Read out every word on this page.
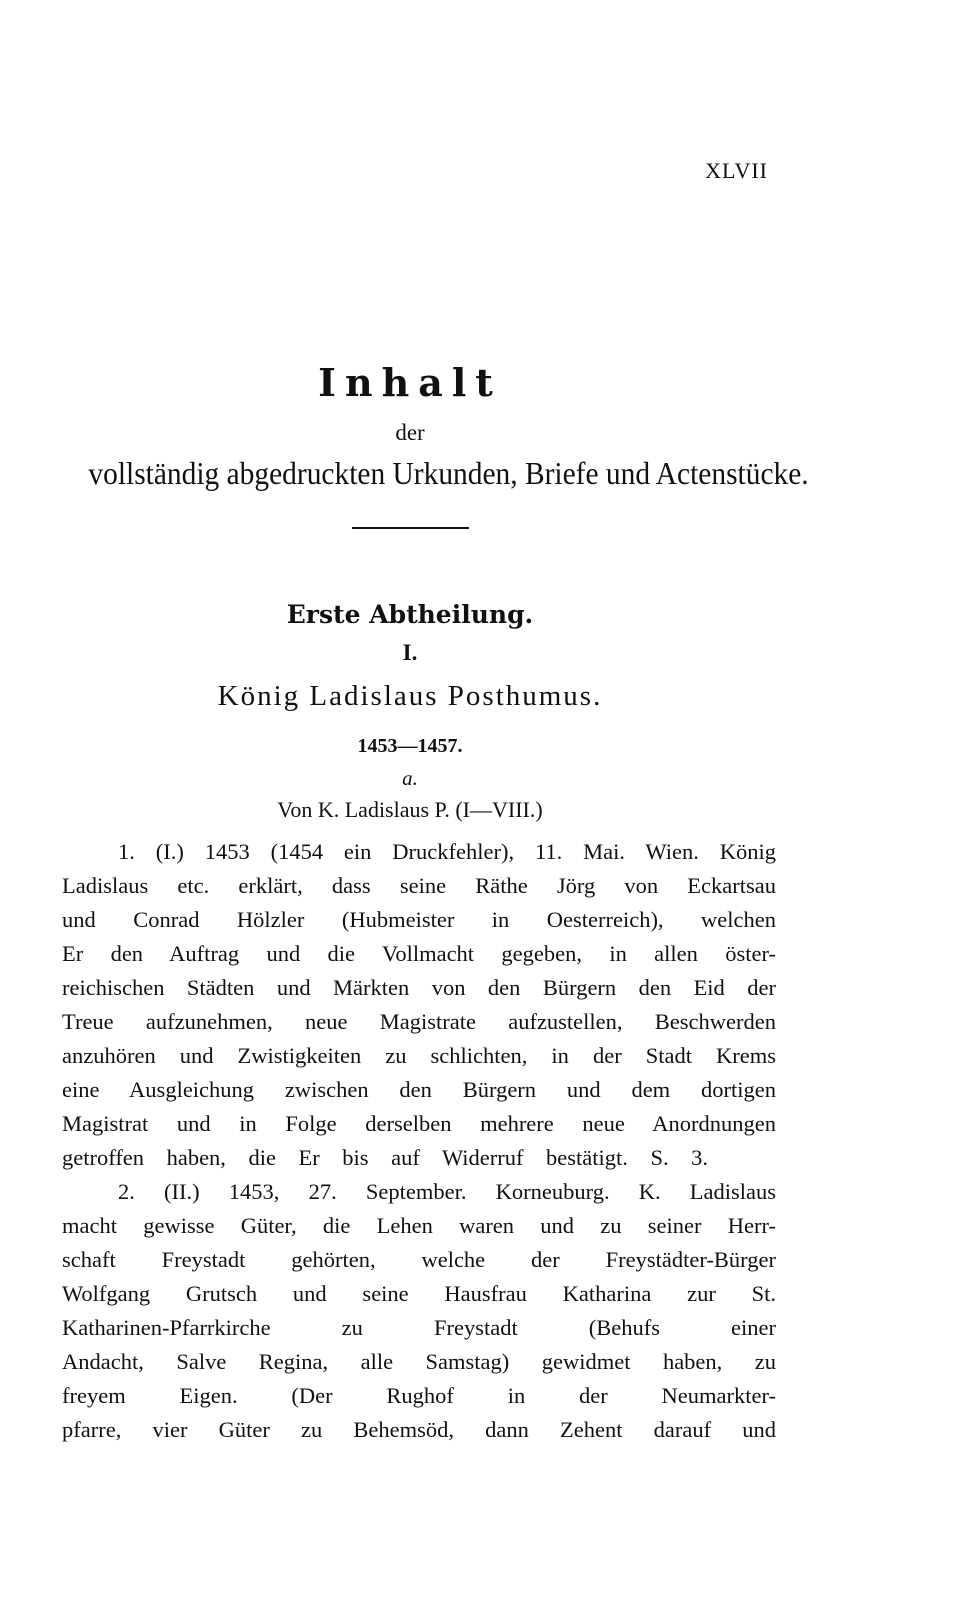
XLVII
Inhalt
der
vollständig abgedruckten Urkunden, Briefe und Actenstücke.
Erste Abtheilung.
I.
König Ladislaus Posthumus.
1453—1457.
a.
Von K. Ladislaus P. (I—VIII.)
1. (I.) 1453 (1454 ein Druckfehler), 11. Mai. Wien. König
Ladislaus etc. erklärt, dass seine Räthe Jörg von Eckartsau
und Conrad Hölzler (Hubmeister in Oesterreich), welchen
Er den Auftrag und die Vollmacht gegeben, in allen öster-
reichischen Städten und Märkten von den Bürgern den Eid der
Treue aufzunehmen, neue Magistrate aufzustellen, Beschwerden
anzuhören und Zwistigkeiten zu schlichten, in der Stadt Krems
eine Ausgleichung zwischen den Bürgern und dem dortigen
Magistrat und in Folge derselben mehrere neue Anordnungen
getroffen haben, die Er bis auf Widerruf bestätigt. S. 3.
2. (II.) 1453, 27. September. Korneuburg. K. Ladislaus
macht gewisse Güter, die Lehen waren und zu seiner Herr-
schaft Freystadt gehörten, welche der Freystädter-Bürger
Wolfgang Grutsch und seine Hausfrau Katharina zur St.
Katharinen-Pfarrkirche zu Freystadt (Behufs einer
Andacht, Salve Regina, alle Samstag) gewidmet haben, zu
freyem Eigen. (Der Rughof in der Neumarkter-
pfarre, vier Güter zu Behemsöd, dann Zehent darauf und
